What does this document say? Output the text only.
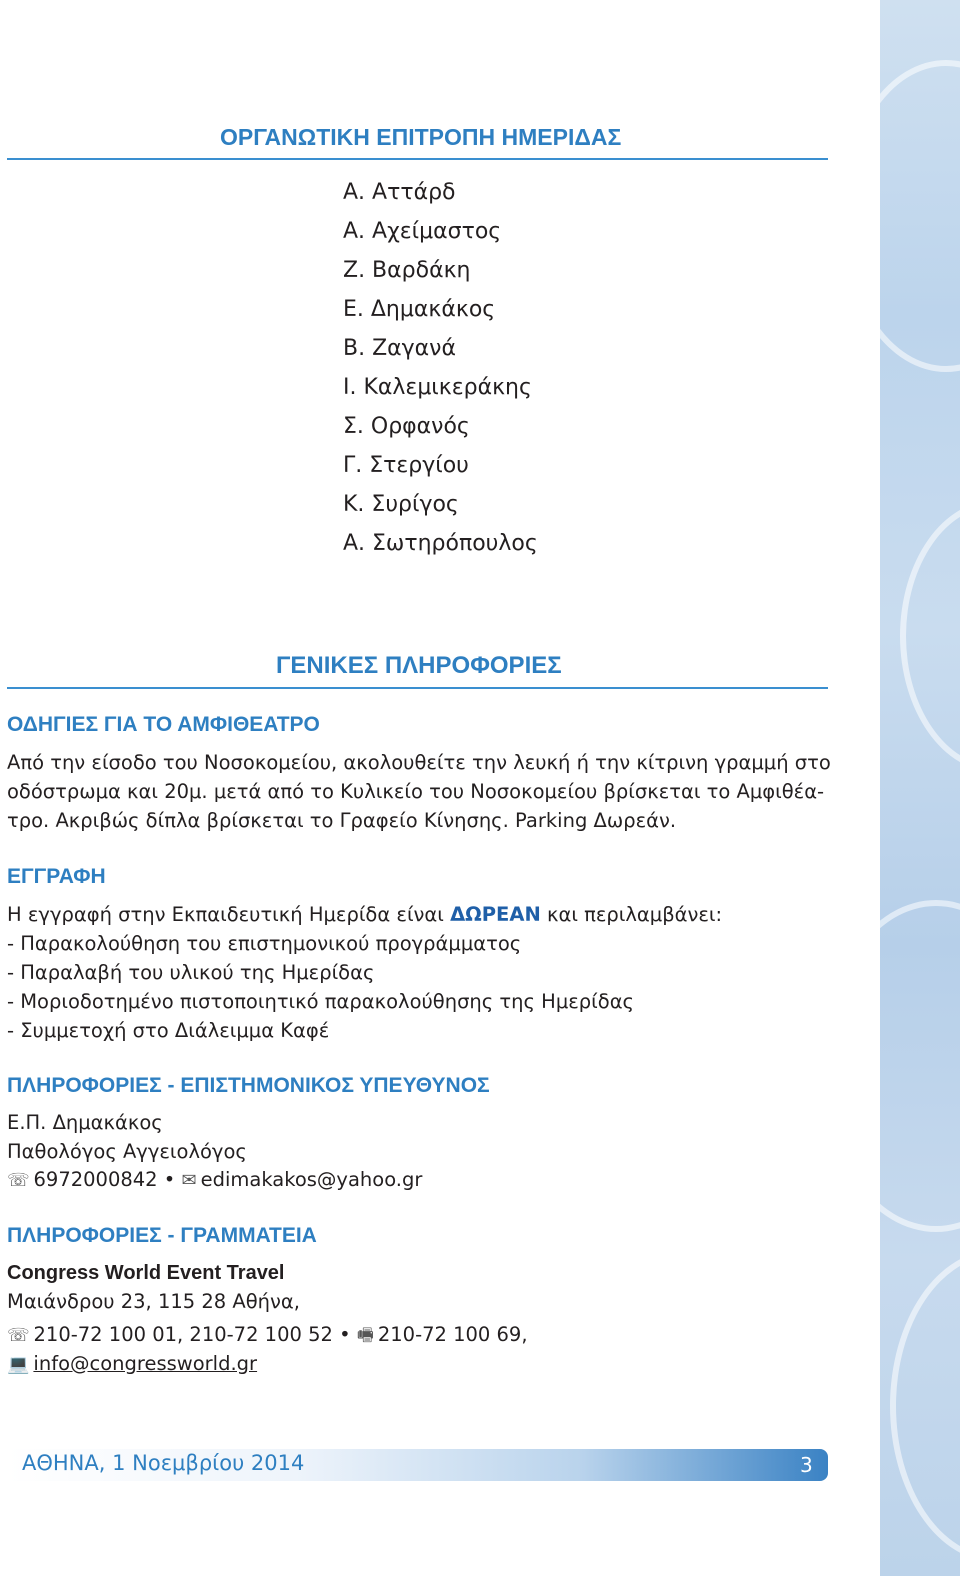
ΟΡΓΑΝΩΤΙΚΗ ΕΠΙΤΡΟΠΗ ΗΜΕΡΙΔΑΣ
Α. Αττάρδ
Α. Αχείμαστος
Ζ. Βαρδάκη
Ε. Δημακάκος
Β. Ζαγανά
Ι. Καλεμικεράκης
Σ. Ορφανός
Γ. Στεργίου
Κ. Συρίγος
Α. Σωτηρόπουλος
ΓΕΝΙΚΕΣ ΠΛΗΡΟΦΟΡΙΕΣ
ΟΔΗΓΙΕΣ ΓΙΑ ΤΟ ΑΜΦΙΘΕΑΤΡΟ
Από την είσοδο του Νοσοκομείου, ακολουθείτε την λευκή ή την κίτρινη γραμμή στο
οδόστρωμα και 20μ. μετά από το Κυλικείο του Νοσοκομείου βρίσκεται το Αμφιθέα-
τρο. Ακριβώς δίπλα βρίσκεται το Γραφείο Κίνησης. Parking Δωρεάν.
ΕΓΓΡΑΦΗ
Η εγγραφή στην Εκπαιδευτική Ημερίδα είναι ΔΩΡΕΑΝ και περιλαμβάνει:
- Παρακολούθηση του επιστημονικού προγράμματος
- Παραλαβή του υλικού της Ημερίδας
- Μοριοδοτημένο πιστοποιητικό παρακολούθησης της Ημερίδας
- Συμμετοχή στο Διάλειμμα Καφέ
ΠΛΗΡΟΦΟΡΙΕΣ - ΕΠΙΣΤΗΜΟΝΙΚΟΣ ΥΠΕΥΘΥΝΟΣ
Ε.Π. Δημακάκος
Παθολόγος Αγγειολόγος
☏ 6972000842 • ✉ edimakakos@yahoo.gr
ΠΛΗΡΟΦΟΡΙΕΣ - ΓΡΑΜΜΑΤΕΙΑ
Congress World Event Travel
Μαιάνδρου 23, 115 28 Αθήνα,
☏ 210-72 100 01, 210-72 100 52 • 🖷 210-72 100 69,
💻 info@congressworld.gr
ΑΘΗΝΑ, 1 Νοεμβρίου 2014	3
